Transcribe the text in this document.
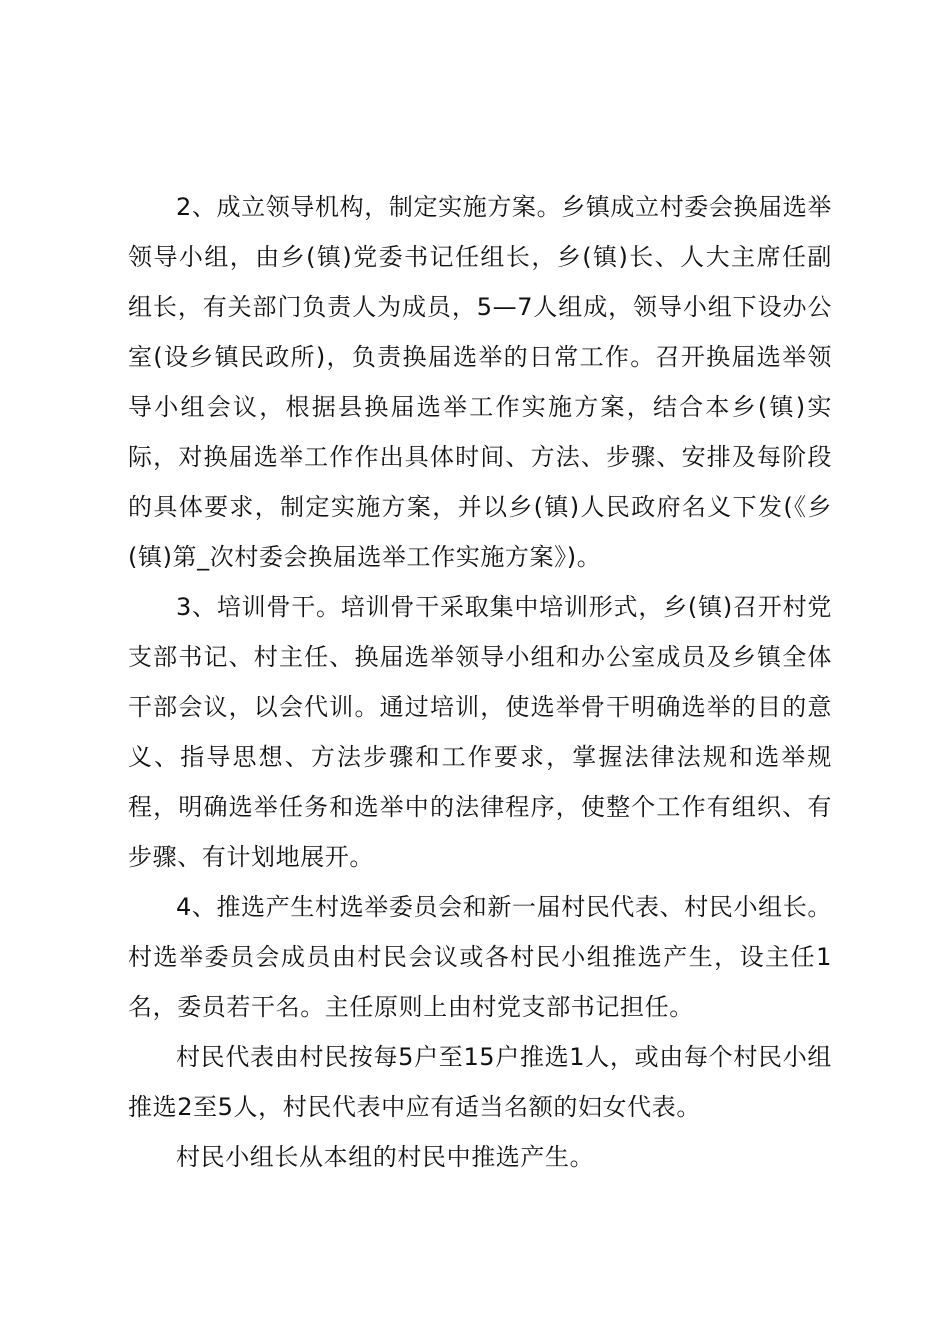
2、成立领导机构，制定实施方案。乡镇成立村委会换届选举领导小组，由乡(镇)党委书记任组长，乡(镇)长、人大主席任副组长，有关部门负责人为成员，5—7人组成，领导小组下设办公室(设乡镇民政所)，负责换届选举的日常工作。召开换届选举领导小组会议，根据县换届选举工作实施方案，结合本乡(镇)实际，对换届选举工作作出具体时间、方法、步骤、安排及每阶段的具体要求，制定实施方案，并以乡(镇)人民政府名义下发(《乡(镇)第_次村委会换届选举工作实施方案》)。

3、培训骨干。培训骨干采取集中培训形式，乡(镇)召开村党支部书记、村主任、换届选举领导小组和办公室成员及乡镇全体干部会议，以会代训。通过培训，使选举骨干明确选举的目的意义、指导思想、方法步骤和工作要求，掌握法律法规和选举规程，明确选举任务和选举中的法律程序，使整个工作有组织、有步骤、有计划地展开。

4、推选产生村选举委员会和新一届村民代表、村民小组长。村选举委员会成员由村民会议或各村民小组推选产生，设主任1名，委员若干名。主任原则上由村党支部书记担任。

村民代表由村民按每5户至15户推选1人，或由每个村民小组推选2至5人，村民代表中应有适当名额的妇女代表。

村民小组长从本组的村民中推选产生。
